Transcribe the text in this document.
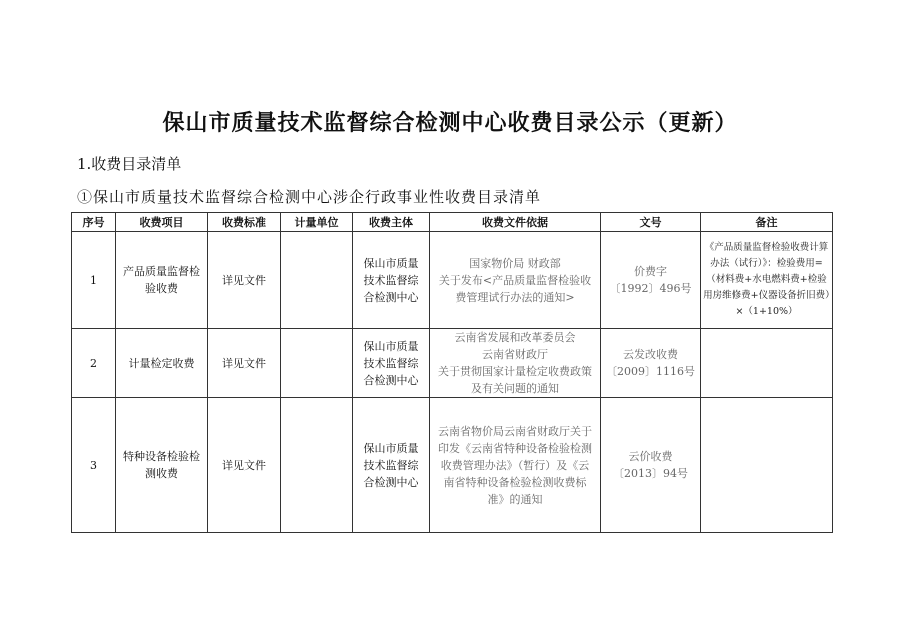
保山市质量技术监督综合检测中心收费目录公示（更新）
1.收费目录清单
①保山市质量技术监督综合检测中心涉企行政事业性收费目录清单
序号	收费项目	收费标准	计量单位	收费主体	收费文件依据	文号	备注
1	产品质量监督检验收费	详见文件		保山市质量技术监督综合检测中心	国家物价局 财政部
关于发布<产品质量监督检验收费管理试行办法的通知>	价费字
〔1992〕496号	《产品质量监督检验收费计算办法（试行）》：检验费用=（材料费+水电燃料费+检验用房维修费+仪器设备折旧费）×（1+10%）
2	计量检定收费	详见文件		保山市质量技术监督综合检测中心	云南省发展和改革委员会
云南省财政厅
关于贯彻国家计量检定收费政策及有关问题的通知	云发改收费
〔2009〕1116号	
3	特种设备检验检测收费	详见文件		保山市质量技术监督综合检测中心	云南省物价局云南省财政厅关于印发《云南省特种设备检验检测收费管理办法》（暂行）及《云南省特种设备检验检测收费标准》的通知	云价收费
〔2013〕94号	
